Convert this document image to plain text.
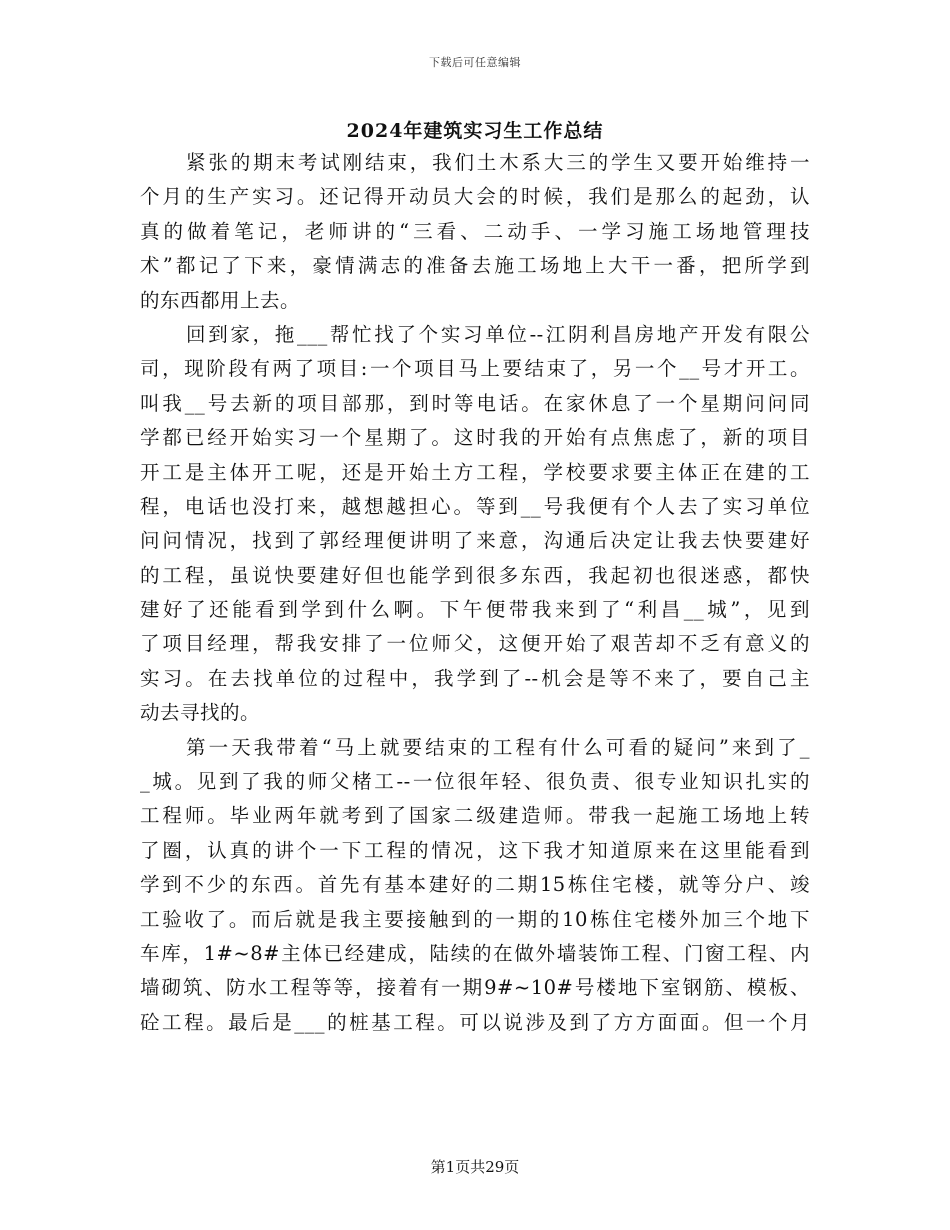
下载后可任意编辑
2024年建筑实习生工作总结
紧张的期末考试刚结束，我们土木系大三的学生又要开始维持一
个月的生产实习。还记得开动员大会的时候，我们是那么的起劲，认
真的做着笔记，老师讲的“三看、二动手、一学习施工场地管理技
术”都记了下来，豪情满志的准备去施工场地上大干一番，把所学到
的东西都用上去。
回到家，拖___帮忙找了个实习单位--江阴利昌房地产开发有限公
司，现阶段有两了项目:一个项目马上要结束了，另一个__号才开工。
叫我__号去新的项目部那，到时等电话。在家休息了一个星期问问同
学都已经开始实习一个星期了。这时我的开始有点焦虑了，新的项目
开工是主体开工呢，还是开始土方工程，学校要求要主体正在建的工
程，电话也没打来，越想越担心。等到__号我便有个人去了实习单位
问问情况，找到了郭经理便讲明了来意，沟通后决定让我去快要建好
的工程，虽说快要建好但也能学到很多东西，我起初也很迷惑，都快
建好了还能看到学到什么啊。下午便带我来到了“利昌__城”，见到
了项目经理，帮我安排了一位师父，这便开始了艰苦却不乏有意义的
实习。在去找单位的过程中，我学到了--机会是等不来了，要自己主
动去寻找的。
第一天我带着“马上就要结束的工程有什么可看的疑问”来到了_
_城。见到了我的师父楮工--一位很年轻、很负责、很专业知识扎实的
工程师。毕业两年就考到了国家二级建造师。带我一起施工场地上转
了圈，认真的讲个一下工程的情况，这下我才知道原来在这里能看到
学到不少的东西。首先有基本建好的二期15栋住宅楼，就等分户、竣
工验收了。而后就是我主要接触到的一期的10栋住宅楼外加三个地下
车库，1#~8#主体已经建成，陆续的在做外墙装饰工程、门窗工程、内
墙砌筑、防水工程等等，接着有一期9#~10#号楼地下室钢筋、模板、
砼工程。最后是___的桩基工程。可以说涉及到了方方面面。但一个月
第1页共29页
